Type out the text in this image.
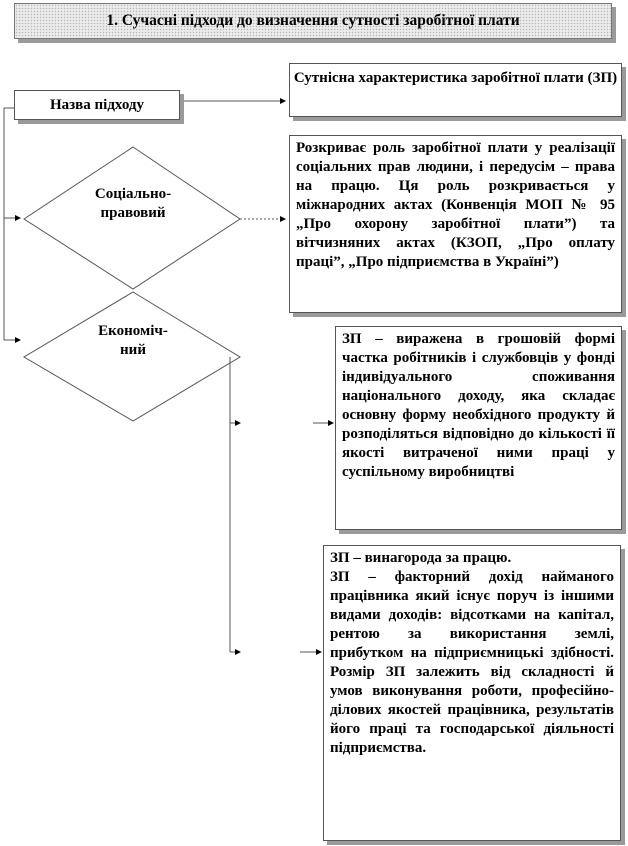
1. Сучасні підходи до визначення сутності заробітної плати
Назва підходу
Сутнісна характеристика заробітної плати (ЗП)
Соціально-
правовий
Економіч-
ний
Розкриває роль заробітної плати у реалізації соціальних прав людини, і передусім – права на працю. Ця роль розкривається у міжнародних актах (Конвенція МОП № 95 „Про охорону заробітної плати”) та вітчизняних актах (КЗОП, „Про оплату праці”, „Про підприємства в Україні”)
ЗП – виражена в грошовій формі частка робітників і службовців у фонді індивідуального споживання національного доходу, яка складає основну форму необхідного продукту й розподіляться відповідно до кількості її якості витраченої ними праці у суспільному виробництві
ЗП – винагорода за працю.
ЗП – факторний дохід найманого працівника який існує поруч із іншими видами доходів: відсотками на капітал, рентою за використання землі, прибутком на підприємницькі здібності. Розмір ЗП залежить від складності й умов виконування роботи, професійно-ділових якостей працівника, результатів його праці та господарської діяльності підприємства.
